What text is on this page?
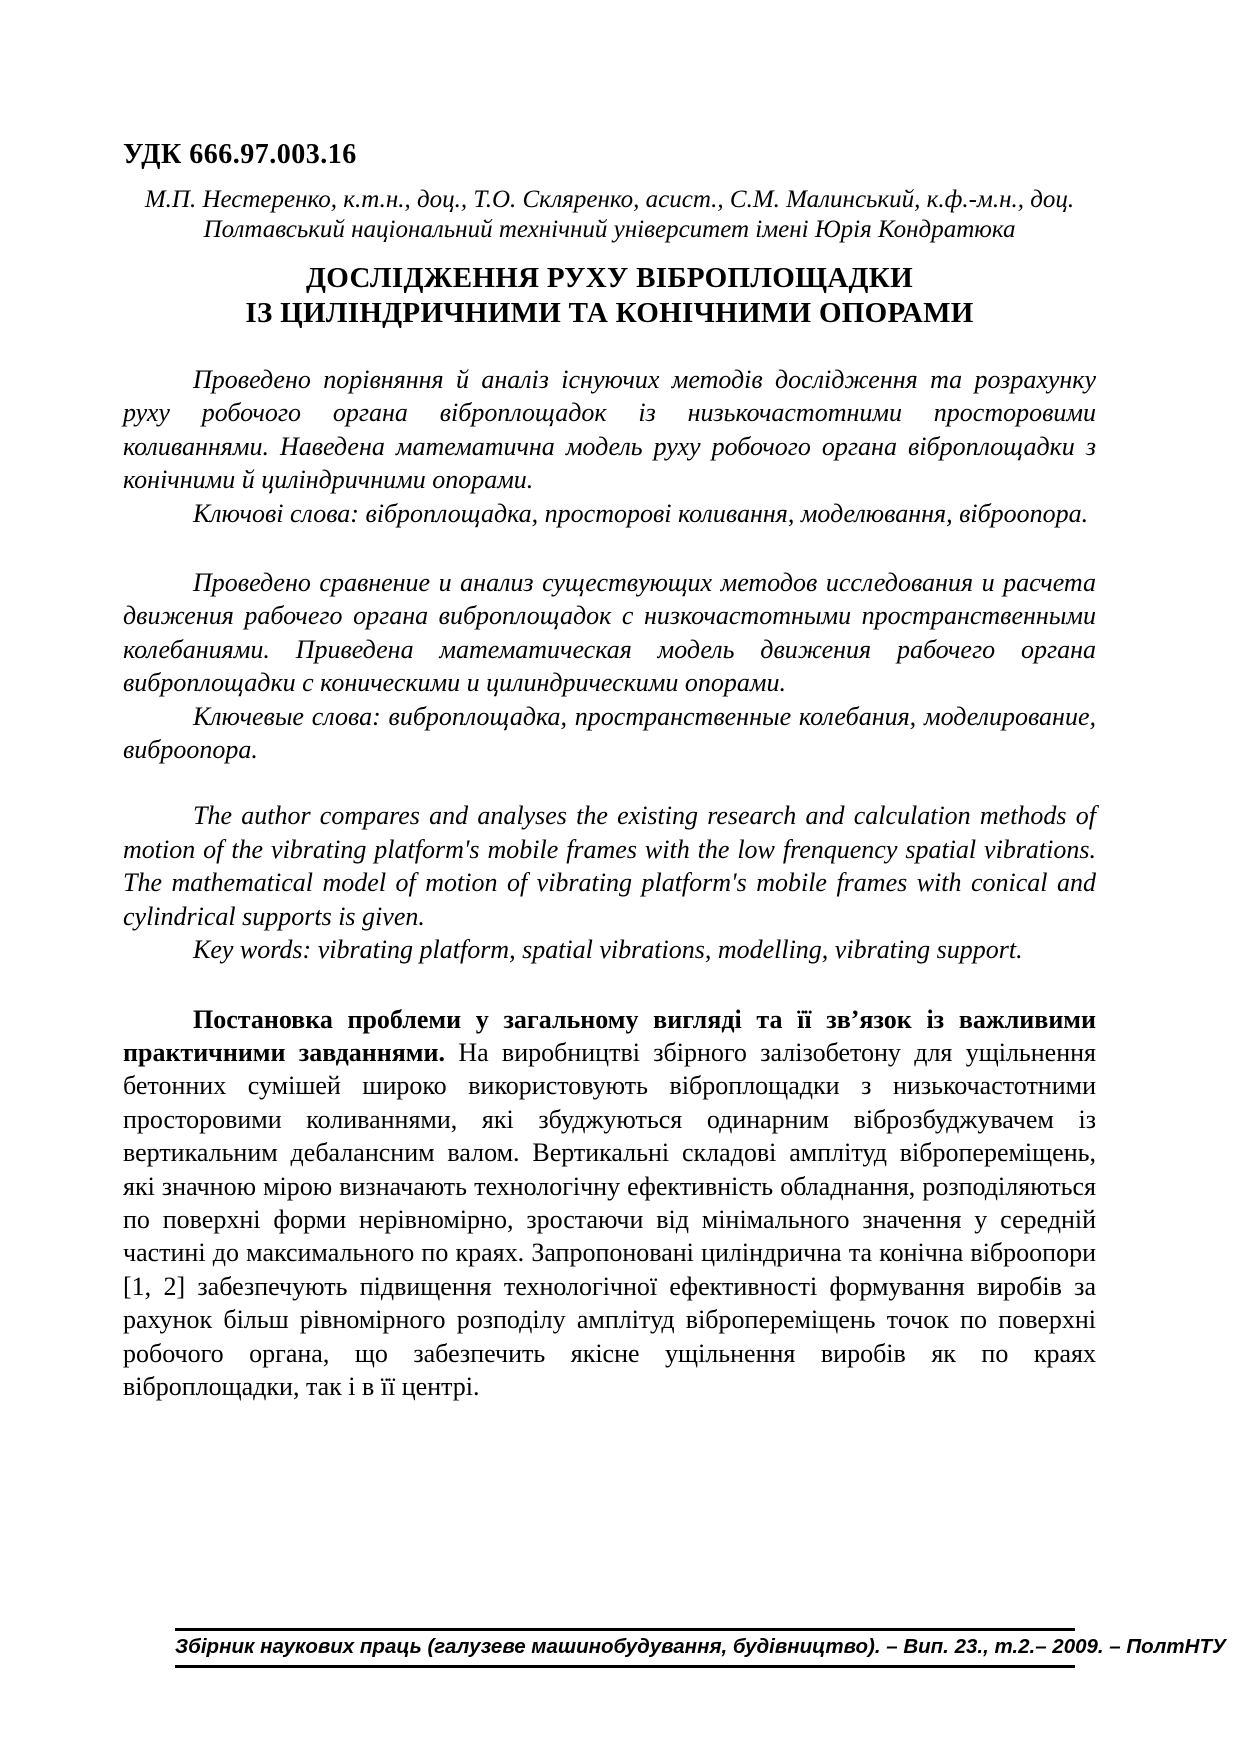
УДК 666.97.003.16
М.П. Нестеренко, к.т.н., доц., Т.О. Скляренко, асист., С.М. Малинський, к.ф.-м.н., доц.
Полтавський національний технічний університет імені Юрія Кондратюка
ДОСЛІДЖЕННЯ РУХУ ВІБРОПЛОЩАДКИ
ІЗ ЦИЛІНДРИЧНИМИ ТА КОНІЧНИМИ ОПОРАМИ

Проведено порівняння й аналіз існуючих методів дослідження та розрахунку руху робочого органа віброплощадок із низькочастотними просторовими коливаннями. Наведена математична модель руху робочого органа віброплощадки з конічними й циліндричними опорами.

Ключові слова: віброплощадка, просторові коливання, моделювання, віброопора.

Проведено сравнение и анализ существующих методов исследования и расчета движения рабочего органа виброплощадок с низкочастотными пространственными колебаниями. Приведена математическая модель движения рабочего органа виброплощадки с коническими и цилиндрическими опорами.

Ключевые слова: виброплощадка, пространственные колебания, моделирование, виброопора.

The author compares and analyses the existing research and calculation methods of motion of the vibrating platform's mobile frames with the low frenquency spatial vibrations. The mathematical model of motion of vibrating platform's mobile frames with conical and cylindrical supports is given.

Key words: vibrating platform, spatial vibrations, modelling, vibrating support.

Постановка проблеми у загальному вигляді та її зв’язок із важливими практичними завданнями. На виробництві збірного залізобетону для ущільнення бетонних сумішей широко використовують віброплощадки з низькочастотними просторовими коливаннями, які збуджуються одинарним віброзбуджувачем із вертикальним дебалансним валом. Вертикальні складові амплітуд вібропереміщень, які значною мірою визначають технологічну ефективність обладнання, розподіляються по поверхні форми нерівномірно, зростаючи від мінімального значення у середній частині до максимального по краях. Запропоновані циліндрична та конічна віброопори [1, 2] забезпечують підвищення технологічної ефективності формування виробів за рахунок більш рівномірного розподілу амплітуд вібропереміщень точок по поверхні робочого органа, що забезпечить якісне ущільнення виробів як по краях віброплощадки, так і в її центрі.

Збірник наукових праць (галузеве машинобудування, будівництво). – Вип. 23., т.2.– 2009. – ПолтНТУ
